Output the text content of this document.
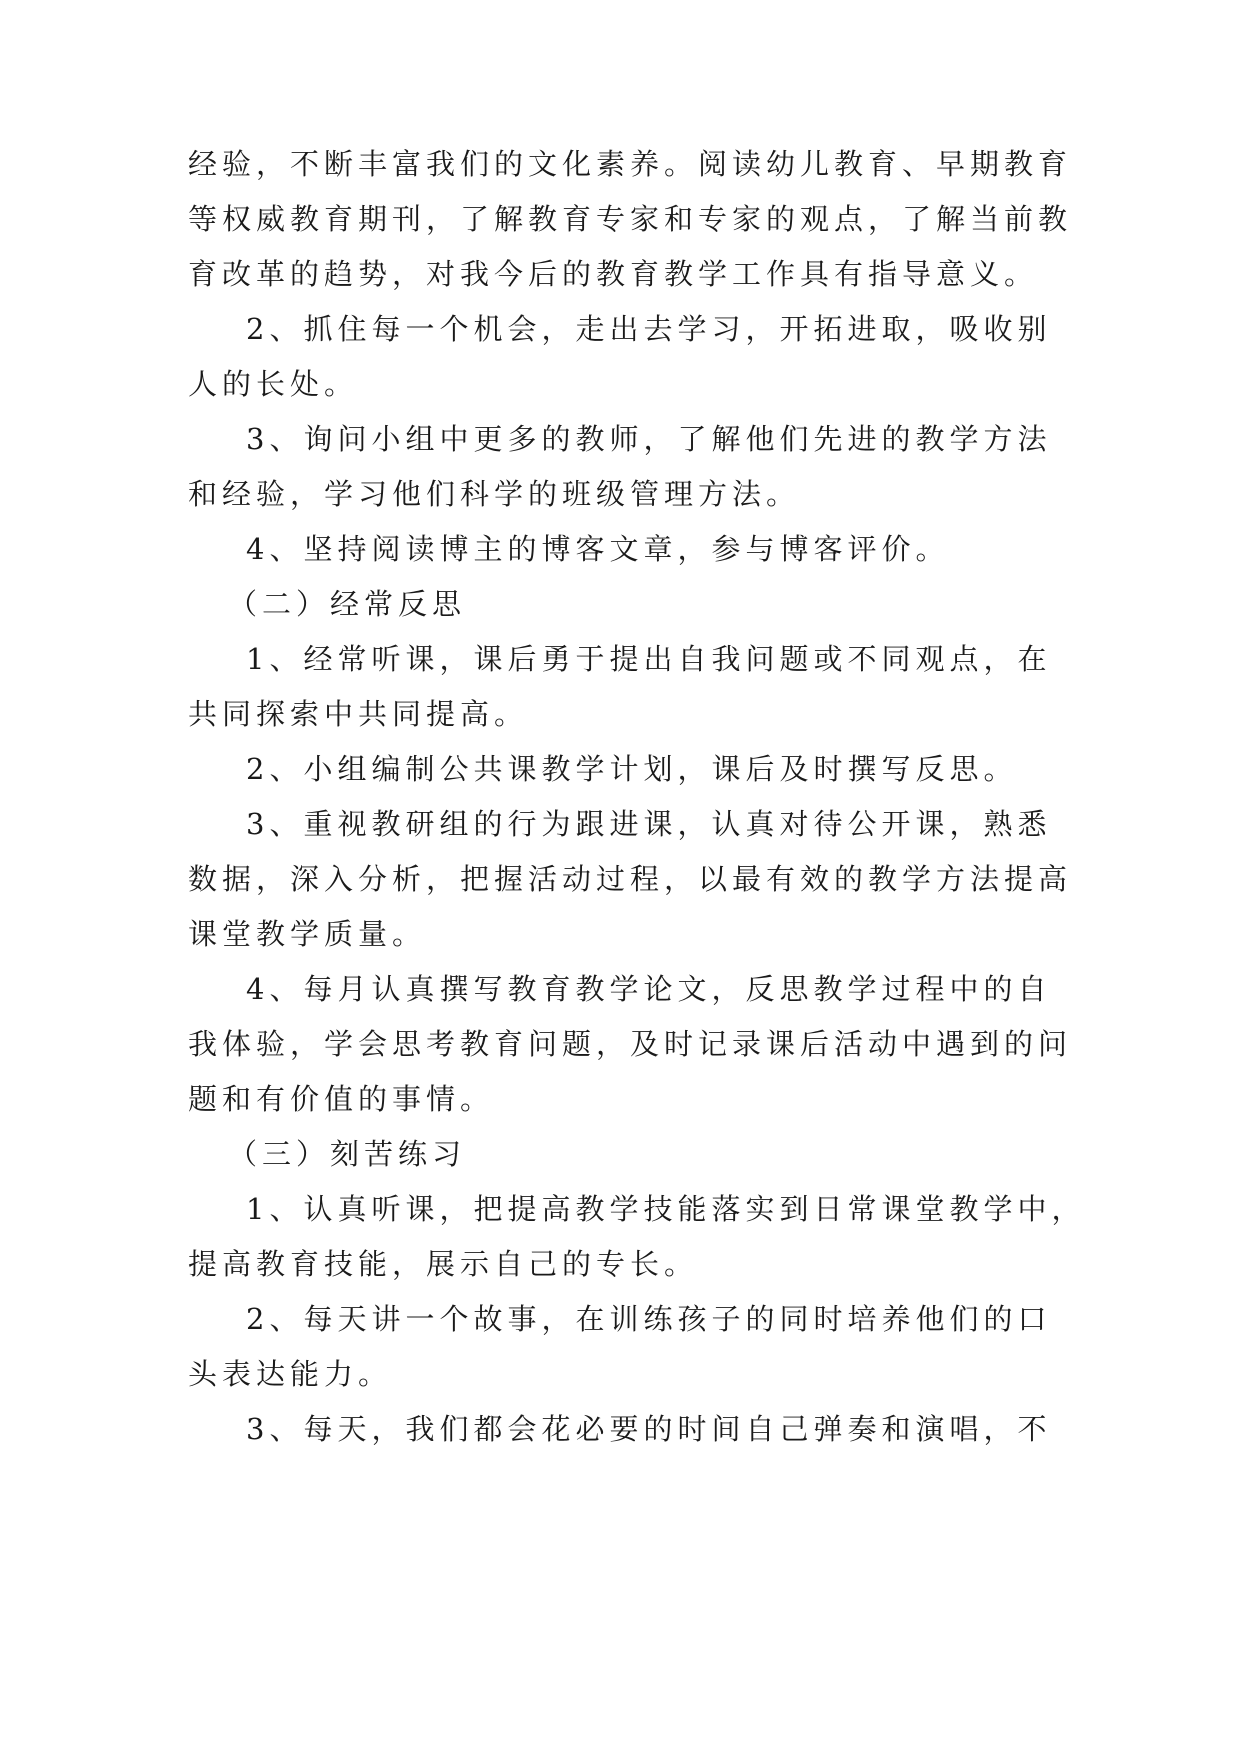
经验，不断丰富我们的文化素养。阅读幼儿教育、早期教育
等权威教育期刊，了解教育专家和专家的观点，了解当前教
育改革的趋势，对我今后的教育教学工作具有指导意义。
2、抓住每一个机会，走出去学习，开拓进取，吸收别
人的长处。
3、询问小组中更多的教师，了解他们先进的教学方法
和经验，学习他们科学的班级管理方法。
4、坚持阅读博主的博客文章，参与博客评价。
（二）经常反思
1、经常听课，课后勇于提出自我问题或不同观点，在
共同探索中共同提高。
2、小组编制公共课教学计划，课后及时撰写反思。
3、重视教研组的行为跟进课，认真对待公开课，熟悉
数据，深入分析，把握活动过程，以最有效的教学方法提高
课堂教学质量。
4、每月认真撰写教育教学论文，反思教学过程中的自
我体验，学会思考教育问题，及时记录课后活动中遇到的问
题和有价值的事情。
（三）刻苦练习
1、认真听课，把提高教学技能落实到日常课堂教学中，
提高教育技能，展示自己的专长。
2、每天讲一个故事，在训练孩子的同时培养他们的口
头表达能力。
3、每天，我们都会花必要的时间自己弹奏和演唱，不
